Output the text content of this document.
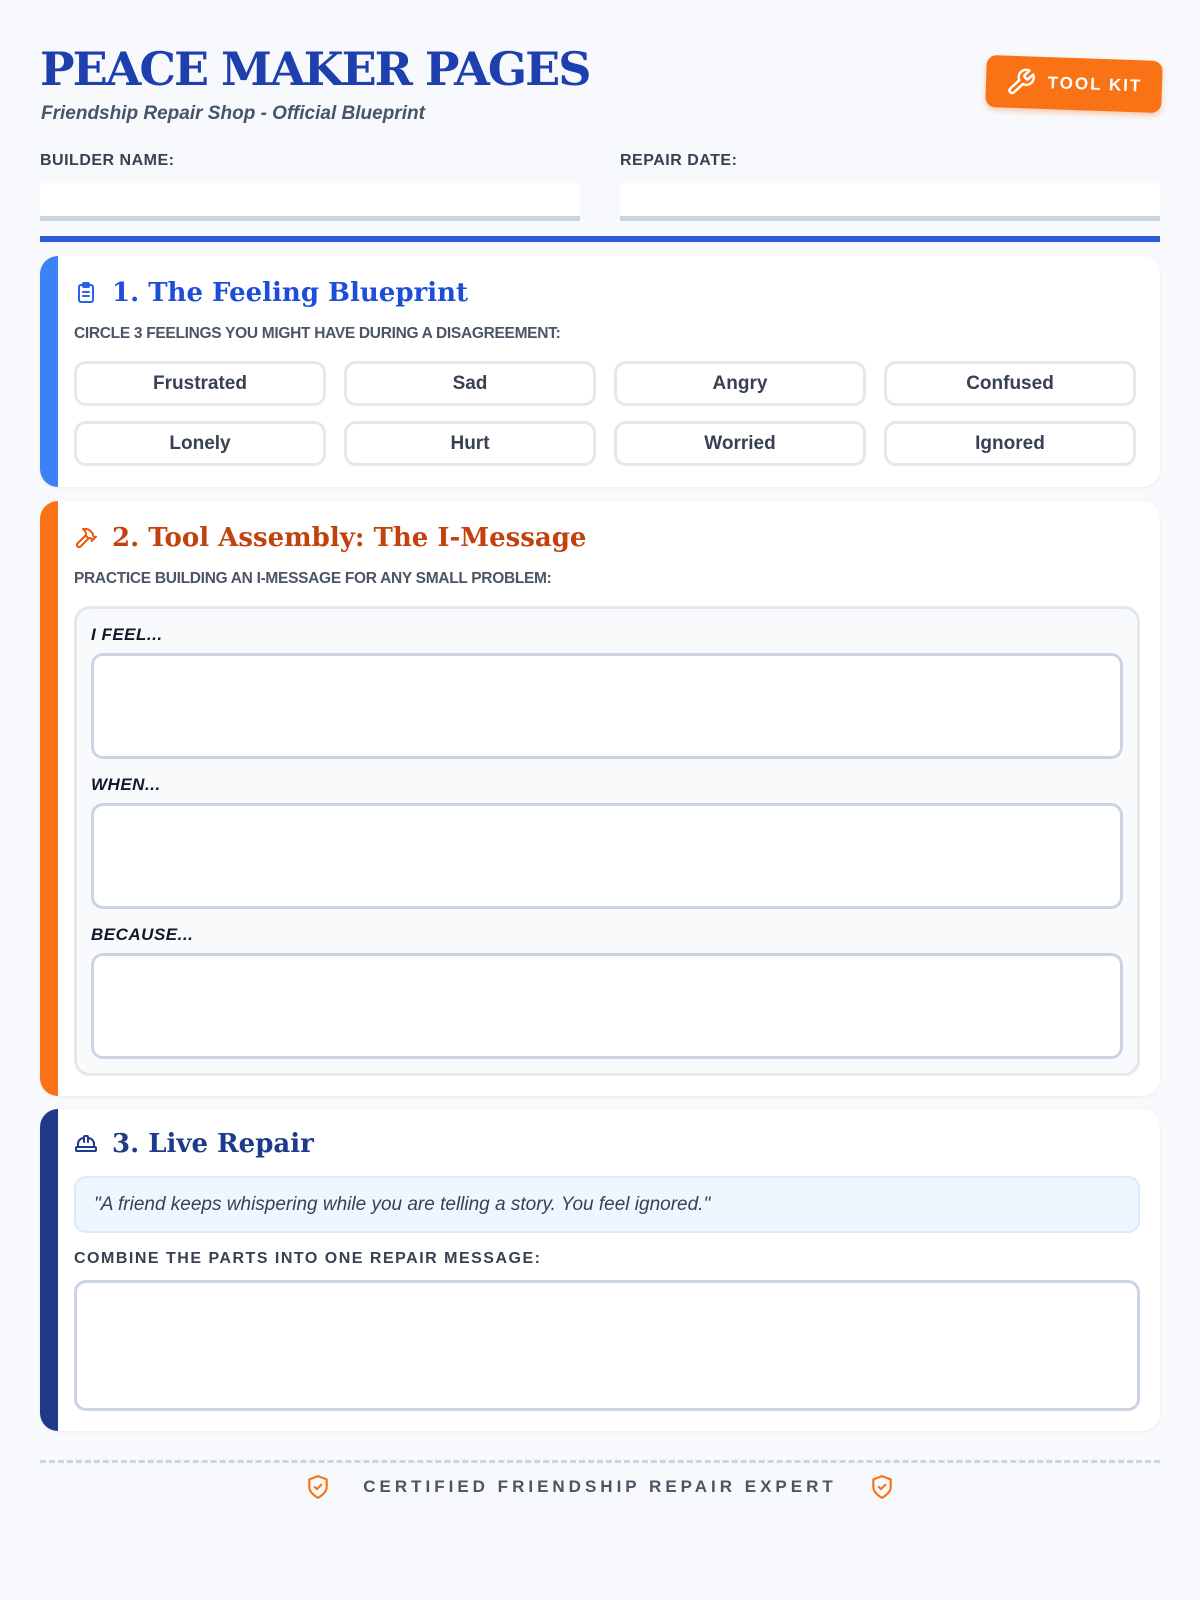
PEACE MAKER PAGES
Friendship Repair Shop - Official Blueprint
TOOL KIT
BUILDER NAME:	REPAIR DATE:
1. The Feeling Blueprint
CIRCLE 3 FEELINGS YOU MIGHT HAVE DURING A DISAGREEMENT:
Frustrated	Sad	Angry	Confused
Lonely	Hurt	Worried	Ignored
2. Tool Assembly: The I-Message
PRACTICE BUILDING AN I-MESSAGE FOR ANY SMALL PROBLEM:
I FEEL...
WHEN...
BECAUSE...
3. Live Repair
"A friend keeps whispering while you are telling a story. You feel ignored."
COMBINE THE PARTS INTO ONE REPAIR MESSAGE:
CERTIFIED FRIENDSHIP REPAIR EXPERT
